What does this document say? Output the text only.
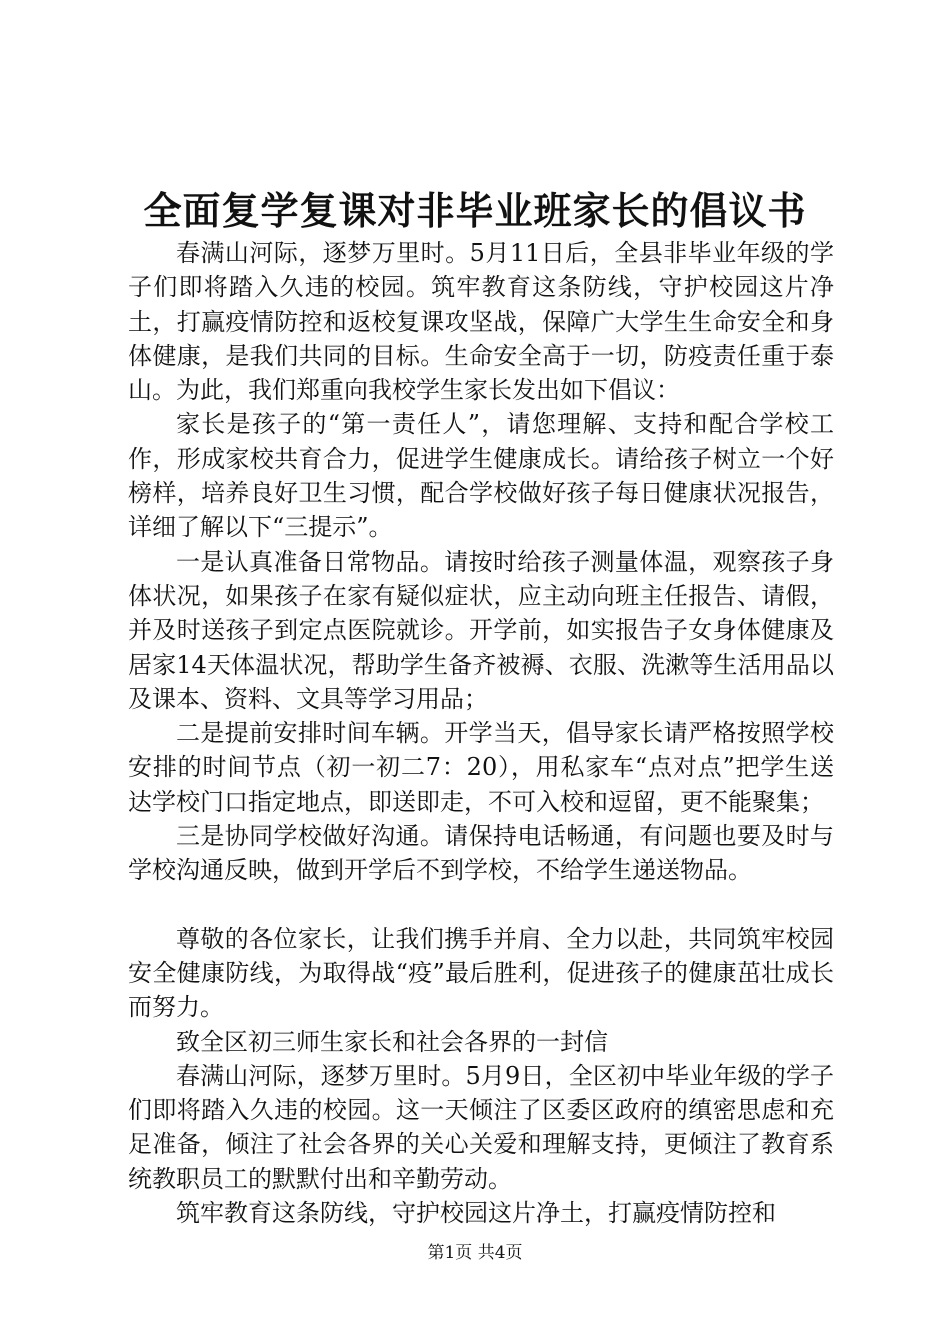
全面复学复课对非毕业班家长的倡议书

春满山河际，逐梦万里时。5月11日后，全县非毕业年级的学子们即将踏入久违的校园。筑牢教育这条防线，守护校园这片净土，打赢疫情防控和返校复课攻坚战，保障广大学生生命安全和身体健康，是我们共同的目标。生命安全高于一切，防疫责任重于泰山。为此，我们郑重向我校学生家长发出如下倡议：

家长是孩子的“第一责任人”，请您理解、支持和配合学校工作，形成家校共育合力，促进学生健康成长。请给孩子树立一个好榜样，培养良好卫生习惯，配合学校做好孩子每日健康状况报告，详细了解以下“三提示”。

一是认真准备日常物品。请按时给孩子测量体温，观察孩子身体状况，如果孩子在家有疑似症状，应主动向班主任报告、请假，并及时送孩子到定点医院就诊。开学前，如实报告子女身体健康及居家14天体温状况，帮助学生备齐被褥、衣服、洗漱等生活用品以及课本、资料、文具等学习用品；

二是提前安排时间车辆。开学当天，倡导家长请严格按照学校安排的时间节点（初一初二7：20），用私家车“点对点”把学生送达学校门口指定地点，即送即走，不可入校和逗留，更不能聚集；

三是协同学校做好沟通。请保持电话畅通，有问题也要及时与学校沟通反映，做到开学后不到学校，不给学生递送物品。

尊敬的各位家长，让我们携手并肩、全力以赴，共同筑牢校园安全健康防线，为取得战“疫”最后胜利，促进孩子的健康茁壮成长而努力。

致全区初三师生家长和社会各界的一封信

春满山河际，逐梦万里时。5月9日，全区初中毕业年级的学子们即将踏入久违的校园。这一天倾注了区委区政府的缜密思虑和充足准备，倾注了社会各界的关心关爱和理解支持，更倾注了教育系统教职员工的默默付出和辛勤劳动。

筑牢教育这条防线，守护校园这片净土，打赢疫情防控和

第1页 共4页
